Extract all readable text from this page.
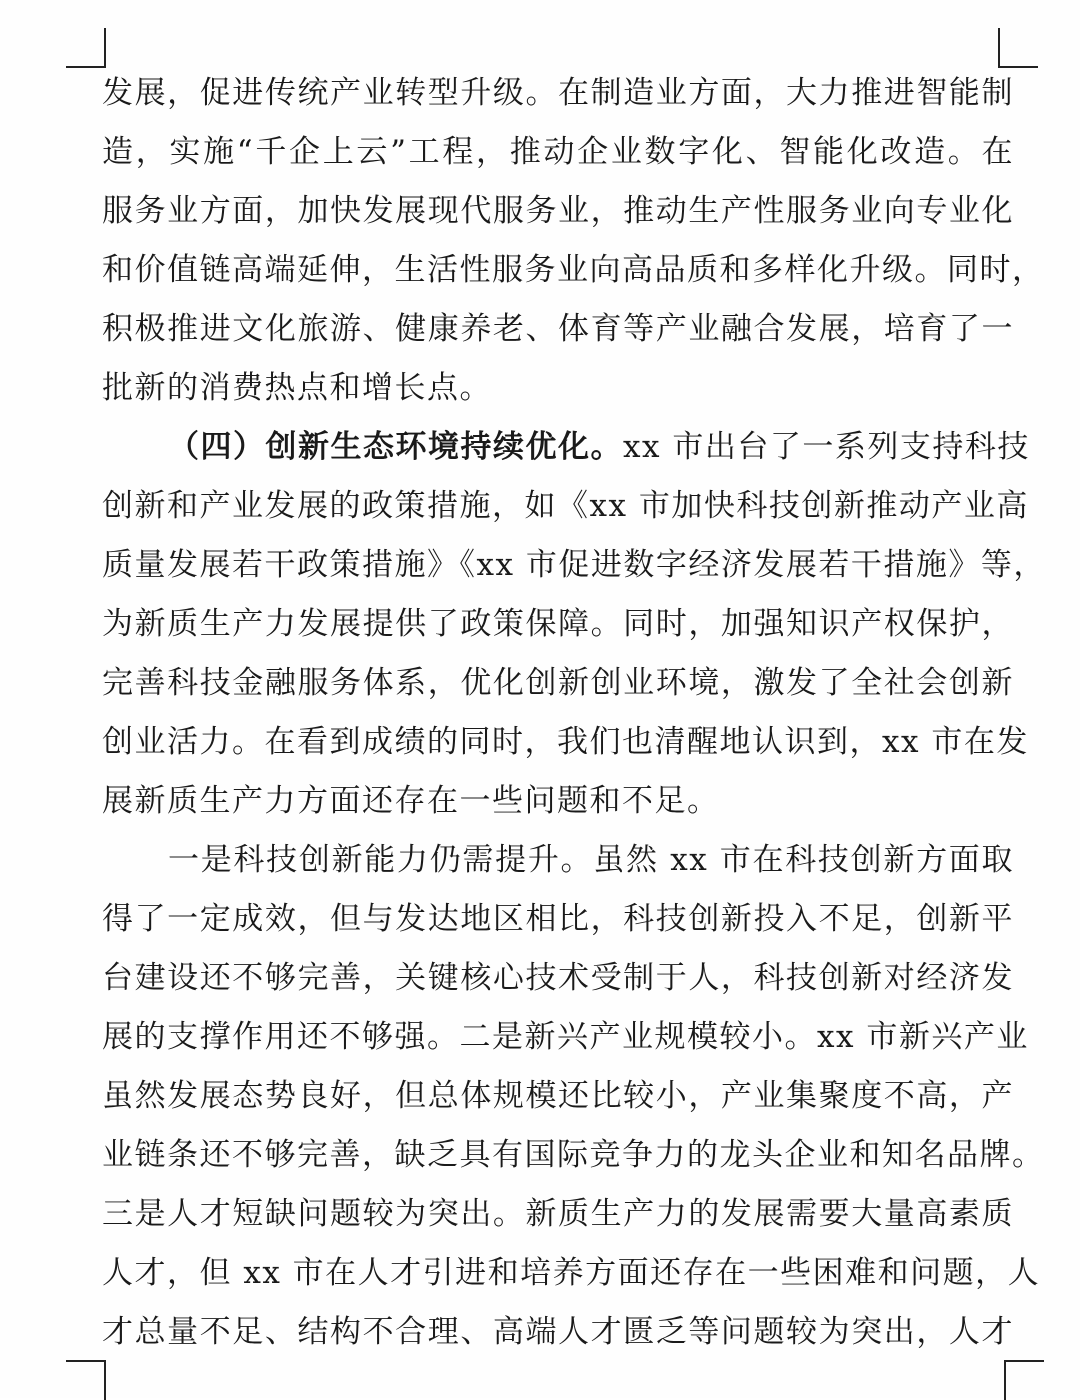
发展，促进传统产业转型升级。在制造业方面，大力推进智能制
造，实施“千企上云”工程，推动企业数字化、智能化改造。在
服务业方面，加快发展现代服务业，推动生产性服务业向专业化
和价值链高端延伸，生活性服务业向高品质和多样化升级。同时，
积极推进文化旅游、健康养老、体育等产业融合发展，培育了一
批新的消费热点和增长点。
（四）创新生态环境持续优化。xx 市出台了一系列支持科技
创新和产业发展的政策措施，如《xx 市加快科技创新推动产业高
质量发展若干政策措施》《xx 市促进数字经济发展若干措施》等，
为新质生产力发展提供了政策保障。同时，加强知识产权保护，
完善科技金融服务体系，优化创新创业环境，激发了全社会创新
创业活力。在看到成绩的同时，我们也清醒地认识到，xx 市在发
展新质生产力方面还存在一些问题和不足。
一是科技创新能力仍需提升。虽然 xx 市在科技创新方面取
得了一定成效，但与发达地区相比，科技创新投入不足，创新平
台建设还不够完善，关键核心技术受制于人，科技创新对经济发
展的支撑作用还不够强。二是新兴产业规模较小。xx 市新兴产业
虽然发展态势良好，但总体规模还比较小，产业集聚度不高，产
业链条还不够完善，缺乏具有国际竞争力的龙头企业和知名品牌。
三是人才短缺问题较为突出。新质生产力的发展需要大量高素质
人才，但 xx 市在人才引进和培养方面还存在一些困难和问题，人
才总量不足、结构不合理、高端人才匮乏等问题较为突出，人才
